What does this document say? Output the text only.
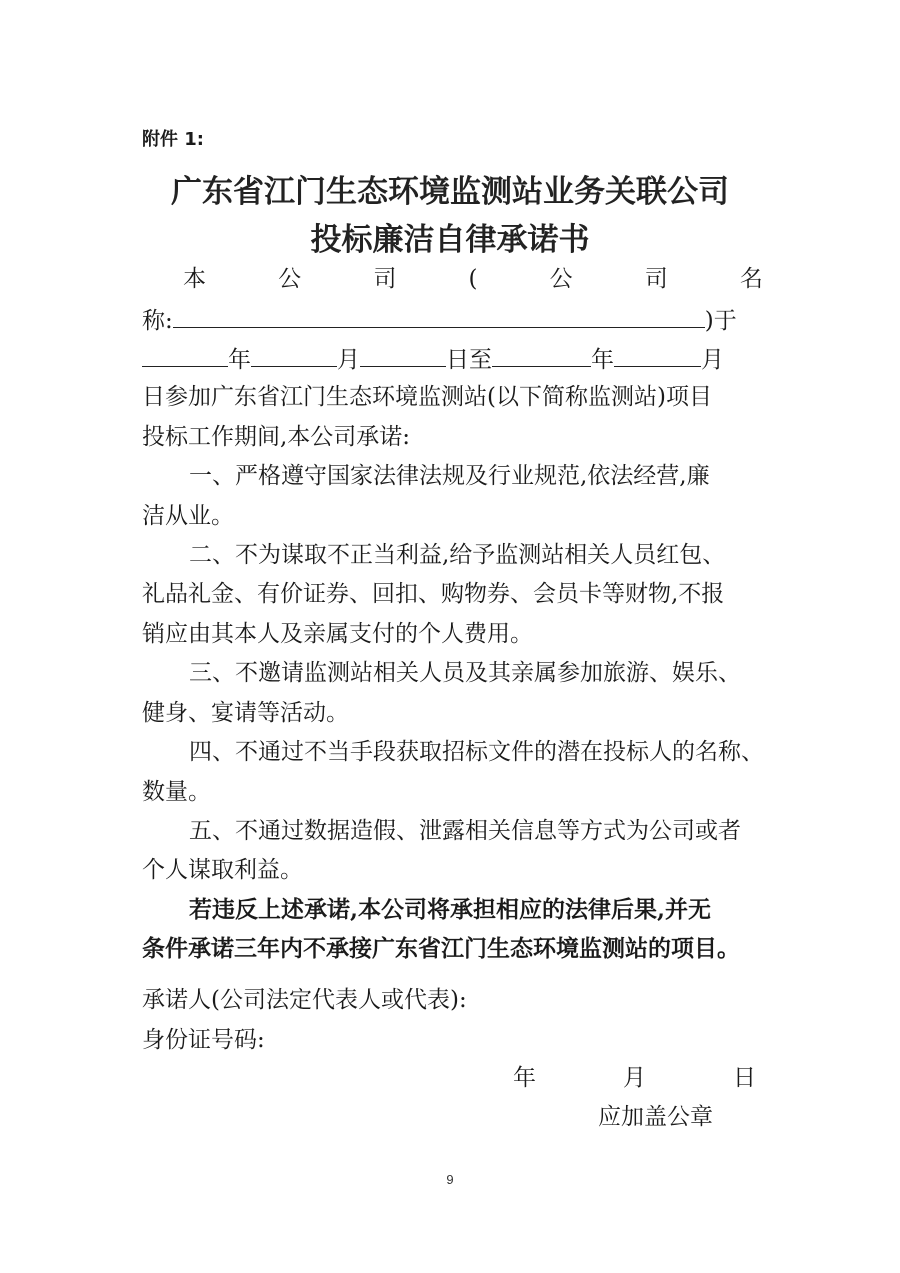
附件 1:
广东省江门生态环境监测站业务关联公司
投标廉洁自律承诺书
本	公	司	(	公	司	名
称:	)于
年	月	日至	年	月
日参加广东省江门生态环境监测站(以下简称监测站)项目
投标工作期间,本公司承诺:
一、严格遵守国家法律法规及行业规范,依法经营,廉
洁从业。
二、不为谋取不正当利益,给予监测站相关人员红包、
礼品礼金、有价证券、回扣、购物券、会员卡等财物,不报
销应由其本人及亲属支付的个人费用。
三、不邀请监测站相关人员及其亲属参加旅游、娱乐、
健身、宴请等活动。
四、不通过不当手段获取招标文件的潜在投标人的名称、
数量。
五、不通过数据造假、泄露相关信息等方式为公司或者
个人谋取利益。
若违反上述承诺,本公司将承担相应的法律后果,并无
条件承诺三年内不承接广东省江门生态环境监测站的项目。
承诺人(公司法定代表人或代表):
身份证号码:
年	月	日
应加盖公章
9
